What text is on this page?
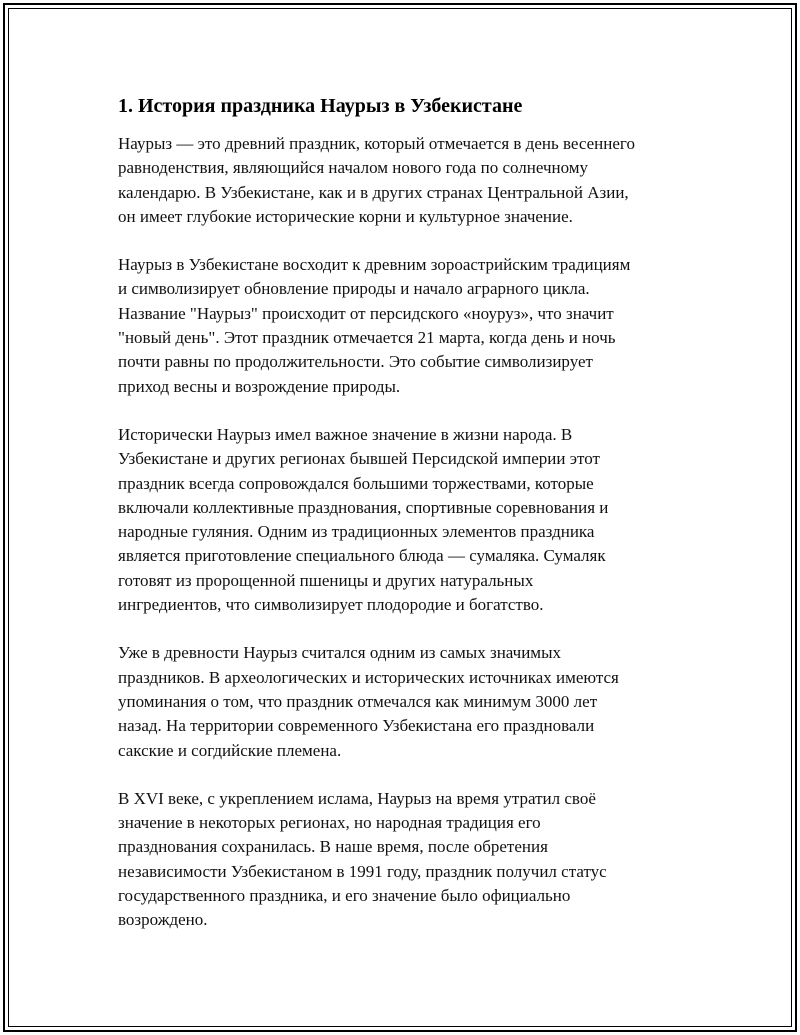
1. История праздника Наурыз в Узбекистане

Наурыз — это древний праздник, который отмечается в день весеннего
равноденствия, являющийся началом нового года по солнечному
календарю. В Узбекистане, как и в других странах Центральной Азии,
он имеет глубокие исторические корни и культурное значение.

Наурыз в Узбекистане восходит к древним зороастрийским традициям
и символизирует обновление природы и начало аграрного цикла.
Название "Наурыз" происходит от персидского «ноуруз», что значит
"новый день". Этот праздник отмечается 21 марта, когда день и ночь
почти равны по продолжительности. Это событие символизирует
приход весны и возрождение природы.

Исторически Наурыз имел важное значение в жизни народа. В
Узбекистане и других регионах бывшей Персидской империи этот
праздник всегда сопровождался большими торжествами, которые
включали коллективные празднования, спортивные соревнования и
народные гуляния. Одним из традиционных элементов праздника
является приготовление специального блюда — сумаляка. Сумаляк
готовят из пророщенной пшеницы и других натуральных
ингредиентов, что символизирует плодородие и богатство.

Уже в древности Наурыз считался одним из самых значимых
праздников. В археологических и исторических источниках имеются
упоминания о том, что праздник отмечался как минимум 3000 лет
назад. На территории современного Узбекистана его праздновали
сакские и согдийские племена.

В XVI веке, с укреплением ислама, Наурыз на время утратил своё
значение в некоторых регионах, но народная традиция его
празднования сохранилась. В наше время, после обретения
независимости Узбекистаном в 1991 году, праздник получил статус
государственного праздника, и его значение было официально
возрождено.
